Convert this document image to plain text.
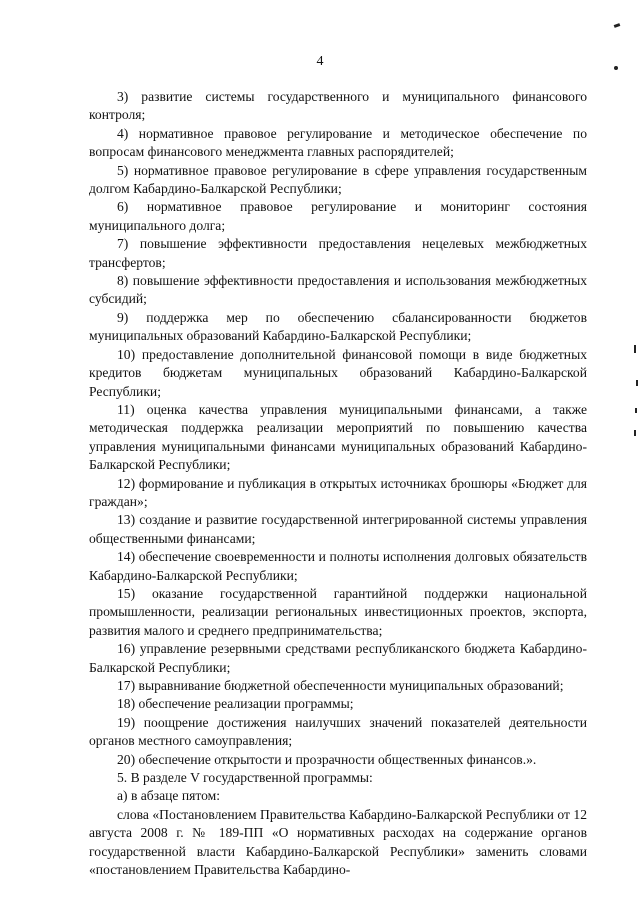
4

3) развитие системы государственного и муниципального финансового контроля;

4) нормативное правовое регулирование и методическое обеспечение по вопросам финансового менеджмента главных распорядителей;

5) нормативное правовое регулирование в сфере управления государственным долгом Кабардино-Балкарской Республики;

6) нормативное правовое регулирование и мониторинг состояния муниципального долга;

7) повышение эффективности предоставления нецелевых межбюджетных трансфертов;

8) повышение эффективности предоставления и использования межбюджетных субсидий;

9) поддержка мер по обеспечению сбалансированности бюджетов муниципальных образований Кабардино-Балкарской Республики;

10) предоставление дополнительной финансовой помощи в виде бюджетных кредитов бюджетам муниципальных образований Кабардино-Балкарской Республики;

11) оценка качества управления муниципальными финансами, а также методическая поддержка реализации мероприятий по повышению качества управления муниципальными финансами муниципальных образований Кабардино-Балкарской Республики;

12) формирование и публикация в открытых источниках брошюры «Бюджет для граждан»;

13) создание и развитие государственной интегрированной системы управления общественными финансами;

14) обеспечение своевременности и полноты исполнения долговых обязательств Кабардино-Балкарской Республики;

15) оказание государственной гарантийной поддержки национальной промышленности, реализации региональных инвестиционных проектов, экспорта, развития малого и среднего предпринимательства;

16) управление резервными средствами республиканского бюджета Кабардино-Балкарской Республики;

17) выравнивание бюджетной обеспеченности муниципальных образований;

18) обеспечение реализации программы;

19) поощрение достижения наилучших значений показателей деятельности органов местного самоуправления;

20) обеспечение открытости и прозрачности общественных финансов.».

5. В разделе V государственной программы:

а) в абзаце пятом:

слова «Постановлением Правительства Кабардино-Балкарской Республики от 12 августа 2008 г. № 189-ПП «О нормативных расходах на содержание органов государственной власти Кабардино-Балкарской Республики» заменить словами «постановлением Правительства Кабардино-
